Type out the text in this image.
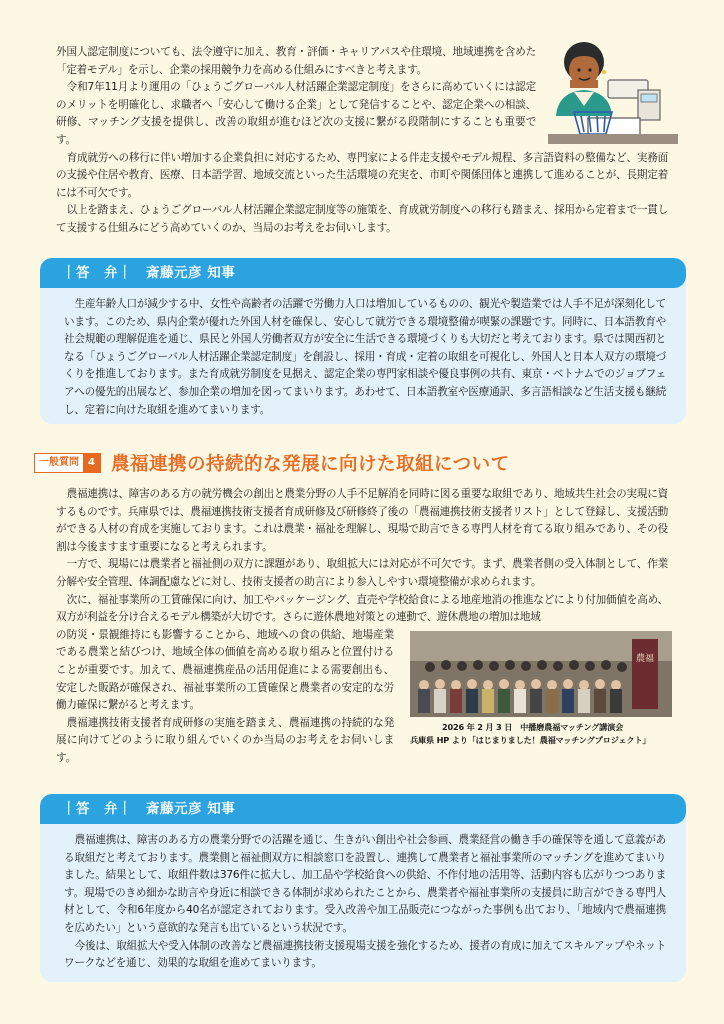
外国人認定制度についても、法令遵守に加え、教育・評価・キャリアパスや住環境、地域連携を含めた「定着モデル」を示し、企業の採用競争力を高める仕組みにすべきと考えます。

令和7年11月より運用の「ひょうごグローバル人材活躍企業認定制度」をさらに高めていくには認定のメリットを明確化し、求職者へ「安心して働ける企業」として発信することや、認定企業への相談、研修、マッチング支援を提供し、改善の取組が進むほど次の支援に繋がる段階制にすることも重要です。

育成就労への移行に伴い増加する企業負担に対応するため、専門家による伴走支援やモデル規程、多言語資料の整備など、実務面の支援や住居や教育、医療、日本語学習、地域交流といった生活環境の充実を、市町や関係団体と連携して進めることが、長期定着には不可欠です。

以上を踏まえ、ひょうごグローバル人材活躍企業認定制度等の施策を、育成就労制度への移行も踏まえ、採用から定着まで一貫して支援する仕組みにどう高めていくのか、当局のお考えをお伺いします。

｜答　弁｜　斎藤元彦 知事

生産年齢人口が減少する中、女性や高齢者の活躍で労働力人口は増加しているものの、観光や製造業では人手不足が深刻化しています。このため、県内企業が優れた外国人材を確保し、安心して就労できる環境整備が喫緊の課題です。同時に、日本語教育や社会規範の理解促進を通じ、県民と外国人労働者双方が安全に生活できる環境づくりも大切だと考えております。県では関西初となる「ひょうごグローバル人材活躍企業認定制度」を創設し、採用・育成・定着の取組を可視化し、外国人と日本人双方の環境づくりを推進しております。また育成就労制度を見据え、認定企業の専門家相談や優良事例の共有、東京・ベトナムでのジョブフェアへの優先的出展など、参加企業の増加を図ってまいります。あわせて、日本語教室や医療通訳、多言語相談など生活支援も継続し、定着に向けた取組を進めてまいります。

一般質問 4 農福連携の持続的な発展に向けた取組について

農福連携は、障害のある方の就労機会の創出と農業分野の人手不足解消を同時に図る重要な取組であり、地域共生社会の実現に資するものです。兵庫県では、農福連携技術支援者育成研修及び研修終了後の「農福連携技術支援者リスト」として登録し、支援活動ができる人材の育成を実施しております。これは農業・福祉を理解し、現場で助言できる専門人材を育てる取り組みであり、その役割は今後ますます重要になると考えられます。

一方で、現場には農業者と福祉側の双方に課題があり、取組拡大には対応が不可欠です。まず、農業者側の受入体制として、作業分解や安全管理、体調配慮などに対し、技術支援者の助言により参入しやすい環境整備が求められます。

次に、福祉事業所の工賃確保に向け、加工やパッケージング、直売や学校給食による地産地消の推進などにより付加価値を高め、双方が利益を分け合えるモデル構築が大切です。さらに遊休農地対策との連動で、遊休農地の増加は地域

の防災・景観維持にも影響することから、地域への食の供給、地場産業である農業と結びつけ、地域全体の価値を高める取り組みと位置付けることが重要です。加えて、農福連携産品の活用促進による需要創出も、安定した販路が確保され、福祉事業所の工賃確保と農業者の安定的な労働力確保に繋がると考えます。

農福連携技術支援者育成研修の実施を踏まえ、農福連携の持続的な発展に向けてどのように取り組んでいくのか当局のお考えをお伺いします。

農福
2026 年 2 月 3 日　中播磨農福マッチング講演会
兵庫県 HP より「はじまりました！農福マッチングプロジェクト」
｜答　弁｜　斎藤元彦 知事

農福連携は、障害のある方の農業分野での活躍を通じ、生きがい創出や社会参画、農業経営の働き手の確保等を通して意義がある取組だと考えております。農業側と福祉側双方に相談窓口を設置し、連携して農業者と福祉事業所のマッチングを進めてまいりました。結果として、取組件数は376件に拡大し、加工品や学校給食への供給、不作付地の活用等、活動内容も広がりつつあります。現場でのきめ細かな助言や身近に相談できる体制が求められたことから、農業者や福祉事業所の支援員に助言ができる専門人材として、令和6年度から40名が認定されております。受入改善や加工品販売につながった事例も出ており、「地域内で農福連携を広めたい」という意欲的な発言も出ているという状況です。

今後は、取組拡大や受入体制の改善など農福連携技術支援現場支援を強化するため、援者の育成に加えてスキルアップやネットワークなどを通じ、効果的な取組を進めてまいります。
